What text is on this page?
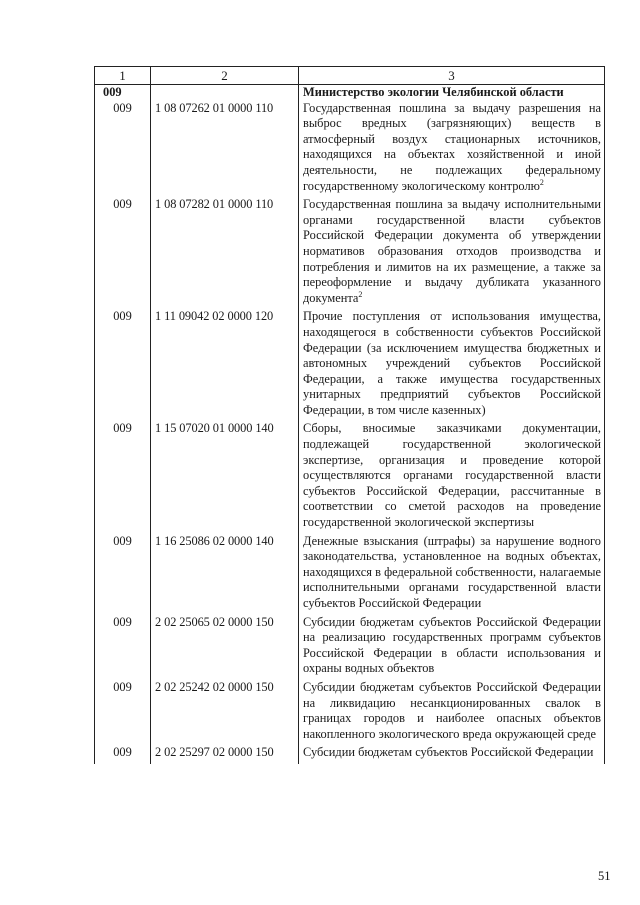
1	2	3
009		Министерство экологии Челябинской области
009	1 08 07262 01 0000 110	Государственная пошлина за выдачу разрешения на выброс вредных (загрязняющих) веществ в атмосферный воздух стационарных источников, находящихся на объектах хозяйственной и иной деятельности, не подлежащих федеральному государственному экологическому контролю$^2$
009	1 08 07282 01 0000 110	Государственная пошлина за выдачу исполнительными органами государственной власти субъектов Российской Федерации документа об утверждении нормативов образования отходов производства и потребления и лимитов на их размещение, а также за переоформление и выдачу дубликата указанного документа$^2$
009	1 11 09042 02 0000 120	Прочие поступления от использования имущества, находящегося в собственности субъектов Российской Федерации (за исключением имущества бюджетных и автономных учреждений субъектов Российской Федерации, а также имущества государственных унитарных предприятий субъектов Российской Федерации, в том числе казенных)
009	1 15 07020 01 0000 140	Сборы, вносимые заказчиками документации, подлежащей государственной экологической экспертизе, организация и проведение которой осуществляются органами государственной власти субъектов Российской Федерации, рассчитанные в соответствии со сметой расходов на проведение государственной экологической экспертизы
009	1 16 25086 02 0000 140	Денежные взыскания (штрафы) за нарушение водного законодательства, установленное на водных объектах, находящихся в федеральной собственности, налагаемые исполнительными органами государственной власти субъектов Российской Федерации
009	2 02 25065 02 0000 150	Субсидии бюджетам субъектов Российской Федерации на реализацию государственных программ субъектов Российской Федерации в области использования и охраны водных объектов
009	2 02 25242 02 0000 150	Субсидии бюджетам субъектов Российской Федерации на ликвидацию несанкционированных свалок в границах городов и наиболее опасных объектов накопленного экологического вреда окружающей среде
009	2 02 25297 02 0000 150	Субсидии бюджетам субъектов Российской Федерации
51
